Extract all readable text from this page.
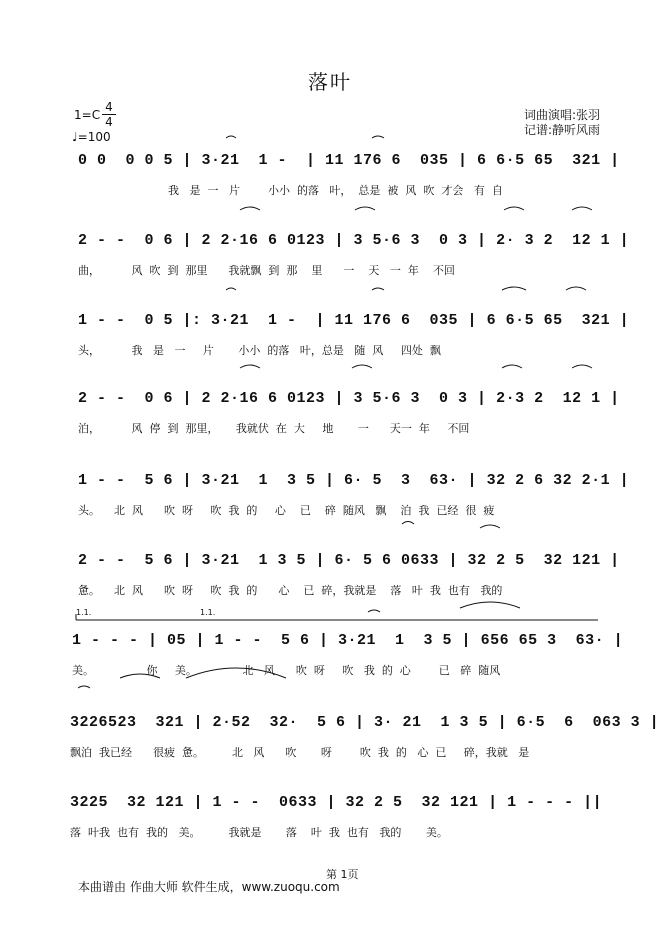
落叶
1=C
4
4
♩=100
词曲演唱:张羽
记谱:静听风雨
0 0  0 0 5 | 3·21  1 -  | 11 176 6  035 | 6 6·5 65  321 |
我   是  一   片        小小  的落   叶，  总是  被  风  吹  才会   有  自
2 - -  0 6 | 2 2·16 6 0123 | 3 5·6 3  0 3 | 2· 3 2  12 1 |
曲，         风  吹  到  那里      我就飘  到  那    里      一    天   一  年    不回
1 - -  0 5 |: 3·21  1 -  | 11 176 6  035 | 6 6·5 65  321 |
头，         我   是   一     片       小小  的落   叶，总是   随  风     四处  飘
2 - -  0 6 | 2 2·16 6 0123 | 3 5·6 3  0 3 | 2·3 2  12 1 |
泊，         风  停  到  那里，     我就伏  在  大     地       一      天一  年     不回
1 - -  5 6 | 3·21  1  3 5 | 6· 5  3  63· | 32 2 6 32 2·1 |
头。    北  风      吹  呀     吹  我  的     心    已    碎  随风   飘    泊  我  已经  很  疲
2 - -  5 6 | 3·21  1 3 5 | 6· 5 6 0633 | 32 2 5  32 121 |
惫。    北  风      吹  呀     吹  我  的      心    已  碎，我就是    落   叶  我  也有   我的
1.1.	1.1.
1 - - - | 05 | 1 - -  5 6 | 3·21  1  3 5 | 656 65 3  63· |
美。               你     美。             北   风      吹  呀     吹   我  的  心        已   碎  随风
3226523  321 | 2·52  32·  5 6 | 3· 21  1 3 5 | 6·5  6  063 3 |
飘泊  我已经      很疲  惫。        北   风      吹       呀        吹  我  的   心  已     碎，我就   是
3225  32 121 | 1 - -  0633 | 32 2 5  32 121 | 1 - - - ||
落  叶我  也有  我的   美。        我就是       落    叶  我  也有   我的       美。
第 1页
本曲谱由 作曲大师 软件生成，www.zuoqu.com
